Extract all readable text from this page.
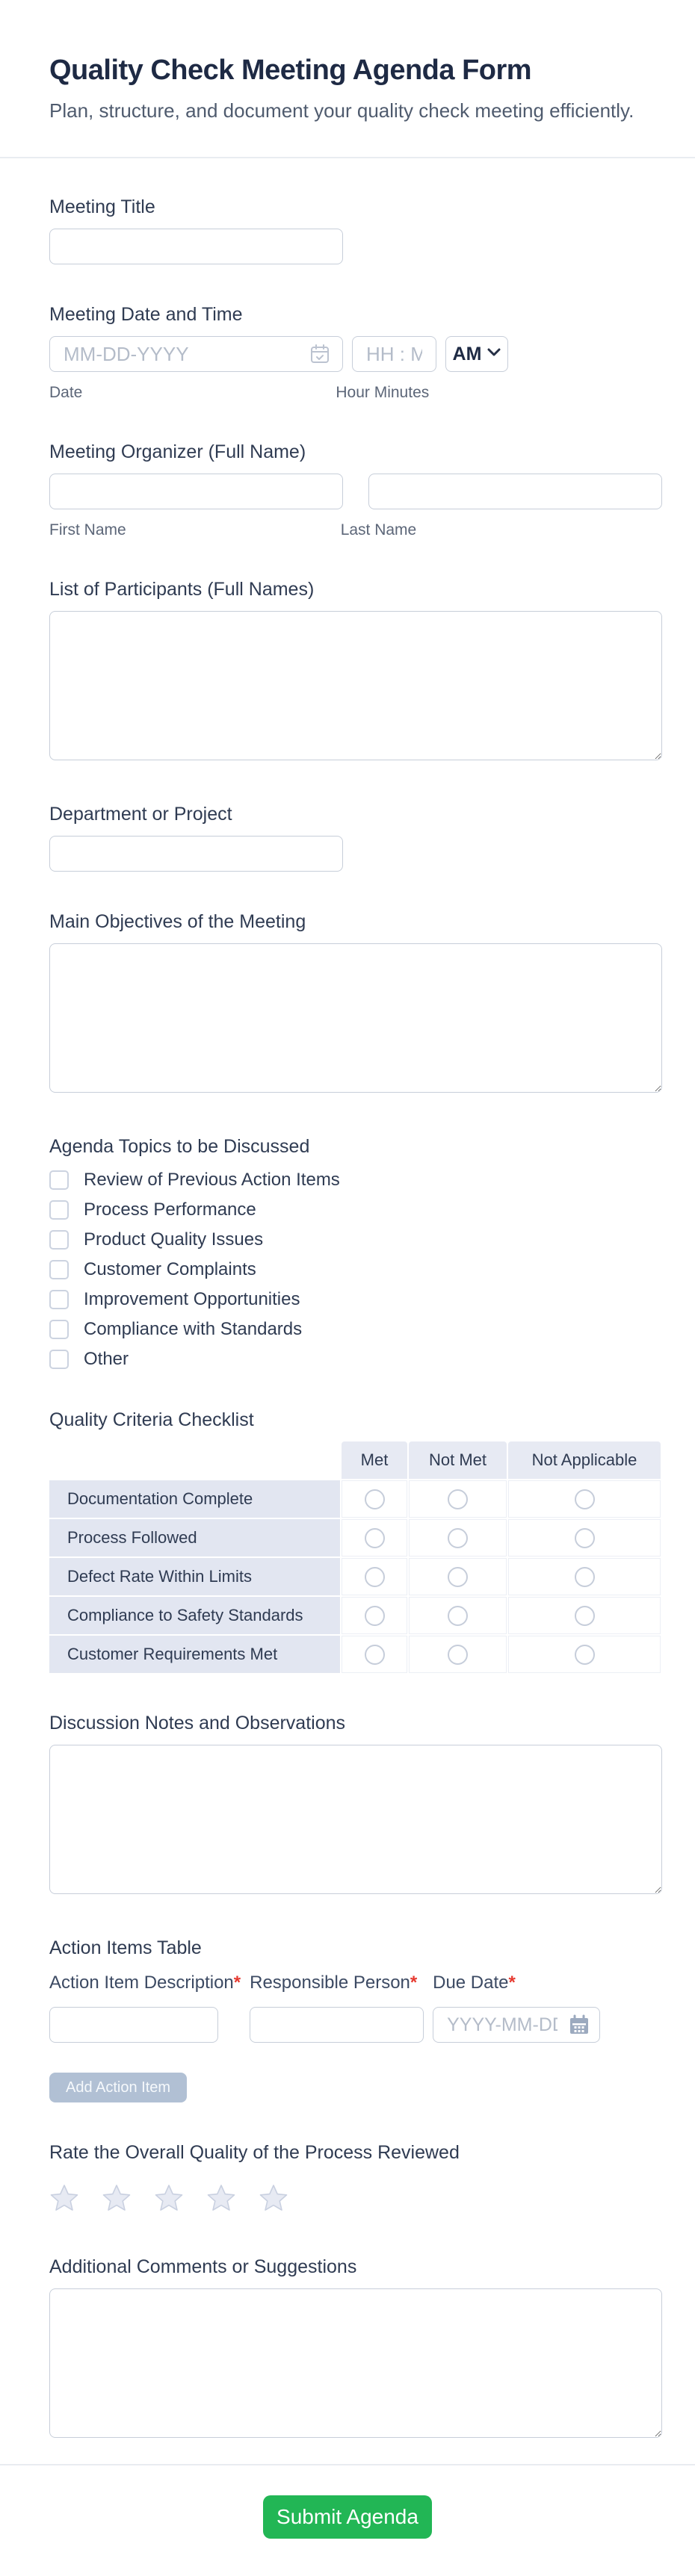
Quality Check Meeting Agenda Form
Plan, structure, and document your quality check meeting efficiently.
Meeting Title
Meeting Date and Time
MM-DD-YYYY
HH : MM
AM
Date	Hour Minutes
Meeting Organizer (Full Name)
First Name	Last Name
List of Participants (Full Names)
Department or Project
Main Objectives of the Meeting
Agenda Topics to be Discussed
Review of Previous Action Items
Process Performance
Product Quality Issues
Customer Complaints
Improvement Opportunities
Compliance with Standards
Other
Quality Criteria Checklist
Met	Not Met	Not Applicable
Documentation Complete
Process Followed
Defect Rate Within Limits
Compliance to Safety Standards
Customer Requirements Met
Discussion Notes and Observations
Action Items Table
Action Item Description* Responsible Person* Due Date*
YYYY-MM-DD
Add Action Item
Rate the Overall Quality of the Process Reviewed
Additional Comments or Suggestions
Submit Agenda
